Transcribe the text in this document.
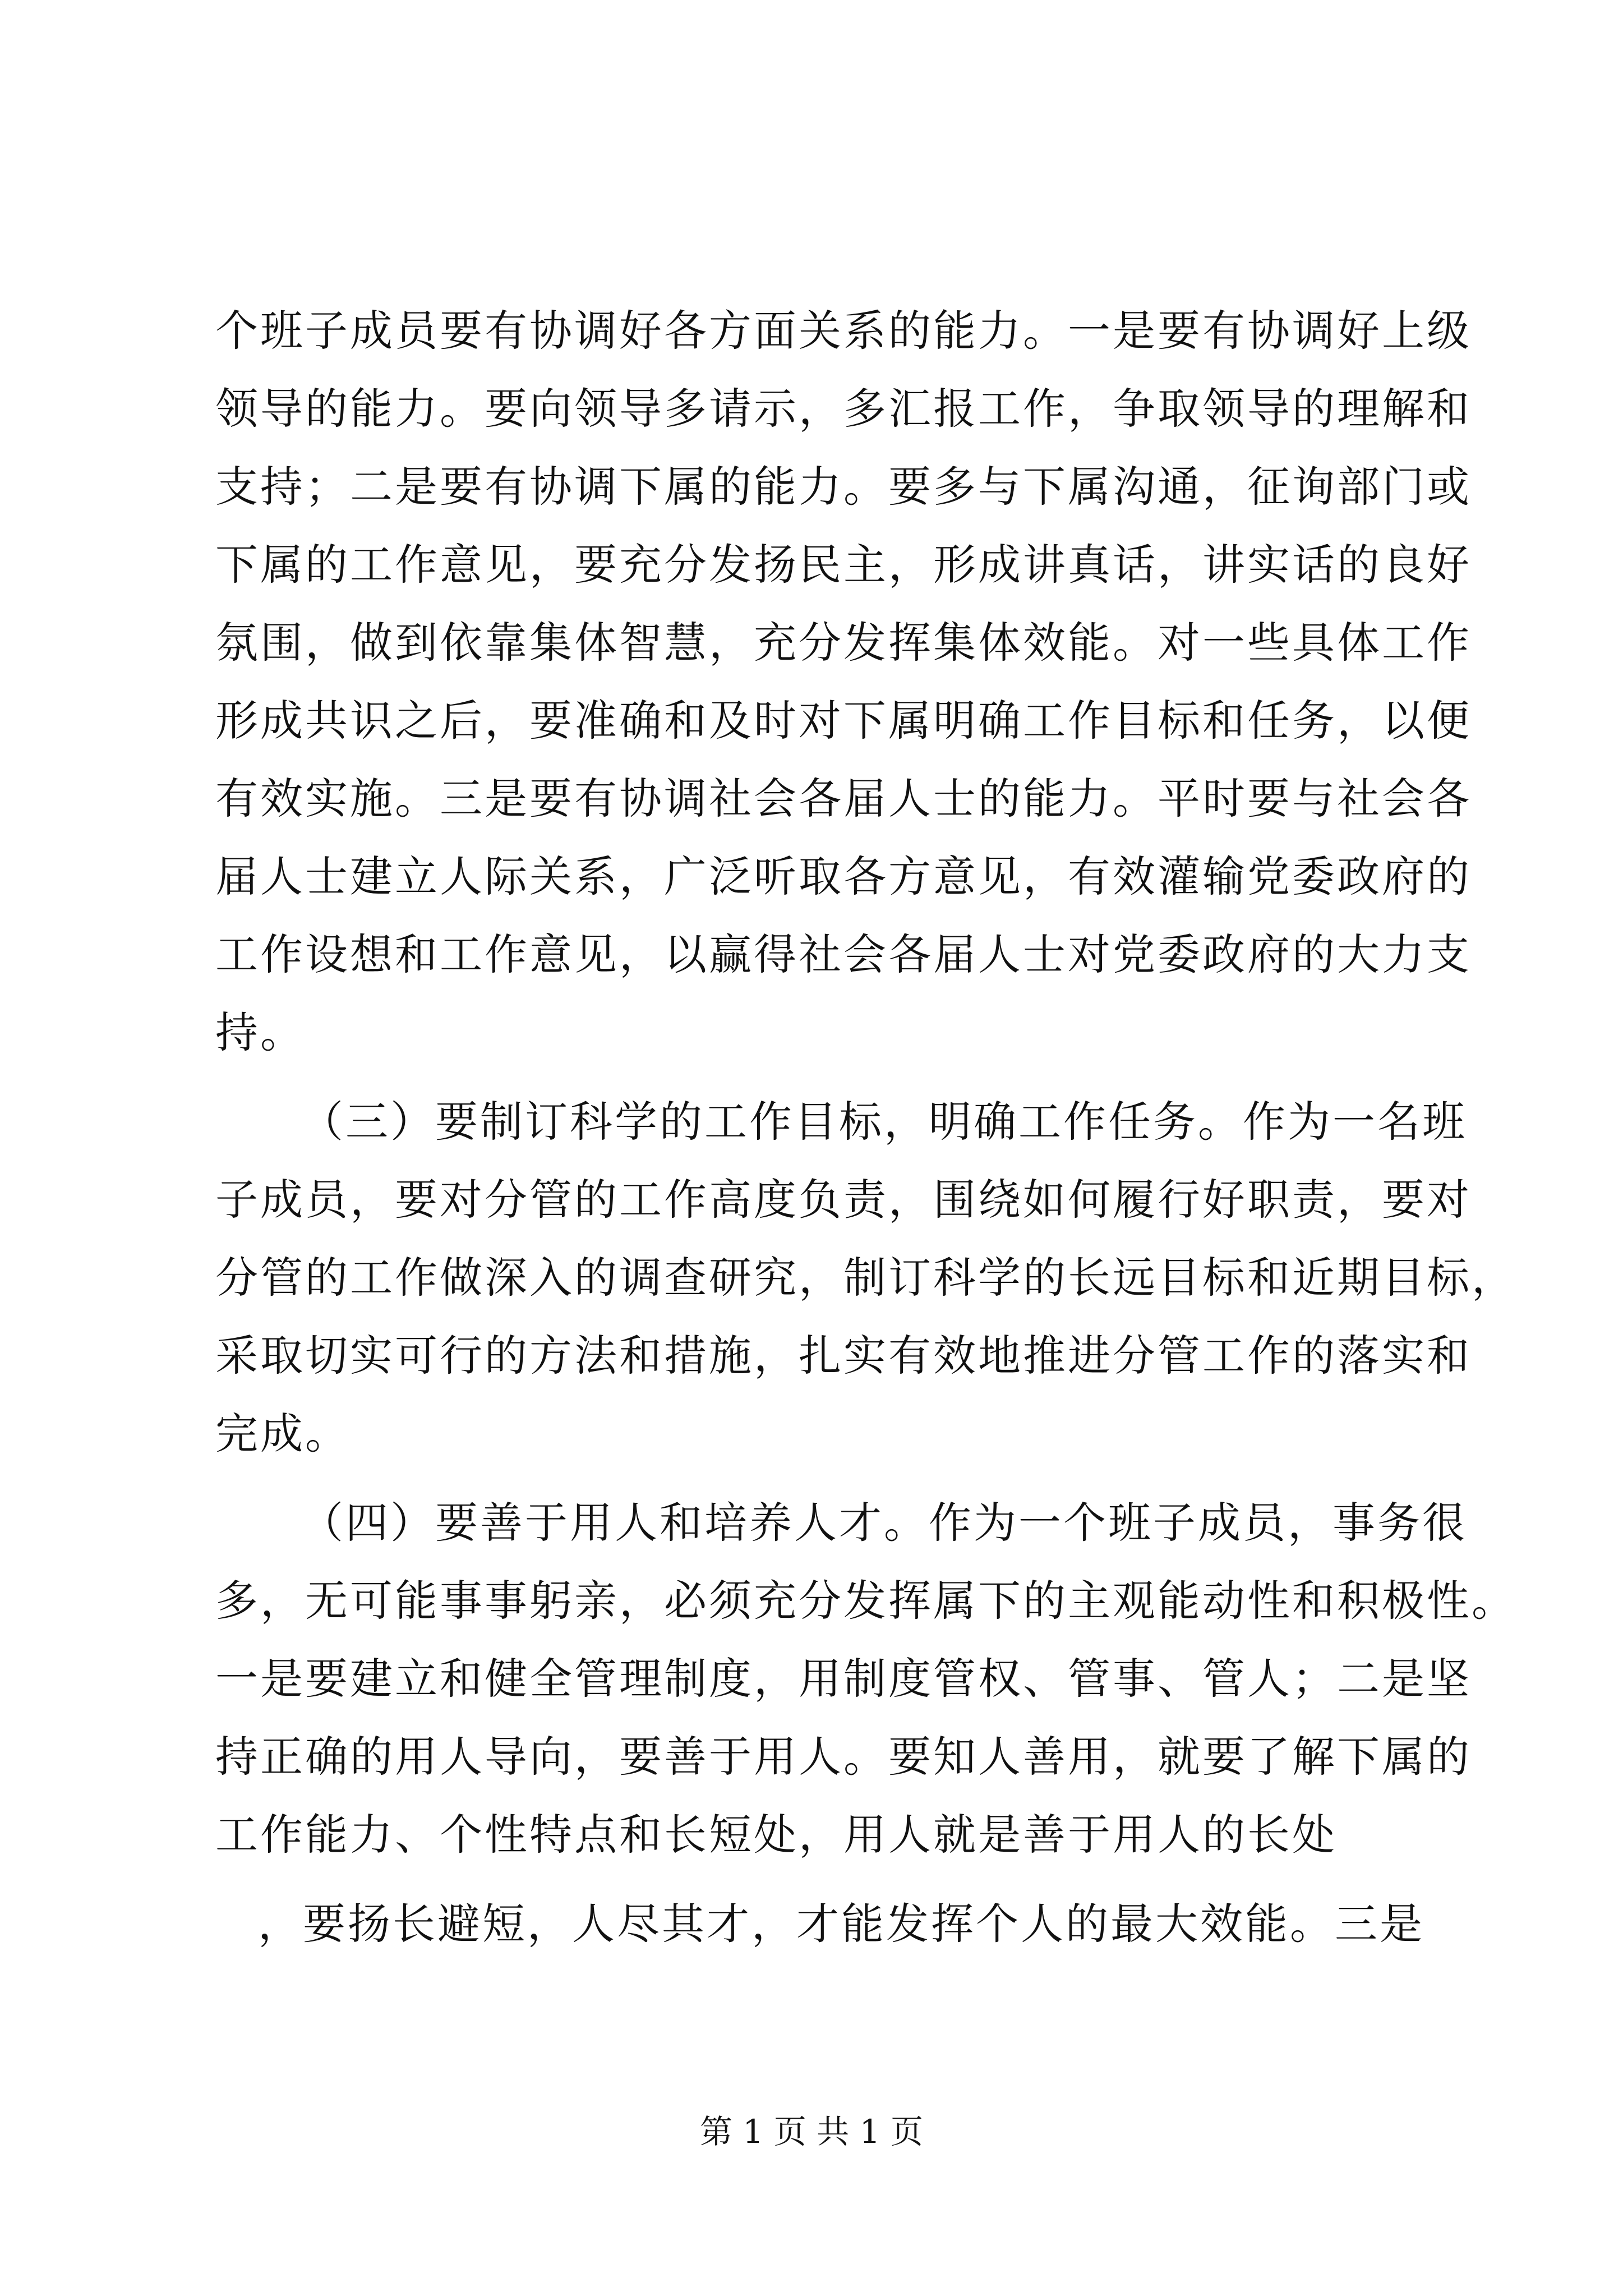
个班子成员要有协调好各方面关系的能力。一是要有协调好上级
领导的能力。要向领导多请示，多汇报工作，争取领导的理解和
支持；二是要有协调下属的能力。要多与下属沟通，征询部门或
下属的工作意见，要充分发扬民主，形成讲真话，讲实话的良好
氛围，做到依靠集体智慧，充分发挥集体效能。对一些具体工作
形成共识之后，要准确和及时对下属明确工作目标和任务，以便
有效实施。三是要有协调社会各届人士的能力。平时要与社会各
届人士建立人际关系，广泛听取各方意见，有效灌输党委政府的
工作设想和工作意见，以赢得社会各届人士对党委政府的大力支
持。
（三）要制订科学的工作目标，明确工作任务。作为一名班
子成员，要对分管的工作高度负责，围绕如何履行好职责，要对
分管的工作做深入的调查研究，制订科学的长远目标和近期目标，
采取切实可行的方法和措施，扎实有效地推进分管工作的落实和
完成。
（四）要善于用人和培养人才。作为一个班子成员，事务很
多，无可能事事躬亲，必须充分发挥属下的主观能动性和积极性。
一是要建立和健全管理制度，用制度管权、管事、管人；二是坚
持正确的用人导向，要善于用人。要知人善用，就要了解下属的
工作能力、个性特点和长短处，用人就是善于用人的长处
，要扬长避短，人尽其才，才能发挥个人的最大效能。三是
第 1 页 共 1 页
